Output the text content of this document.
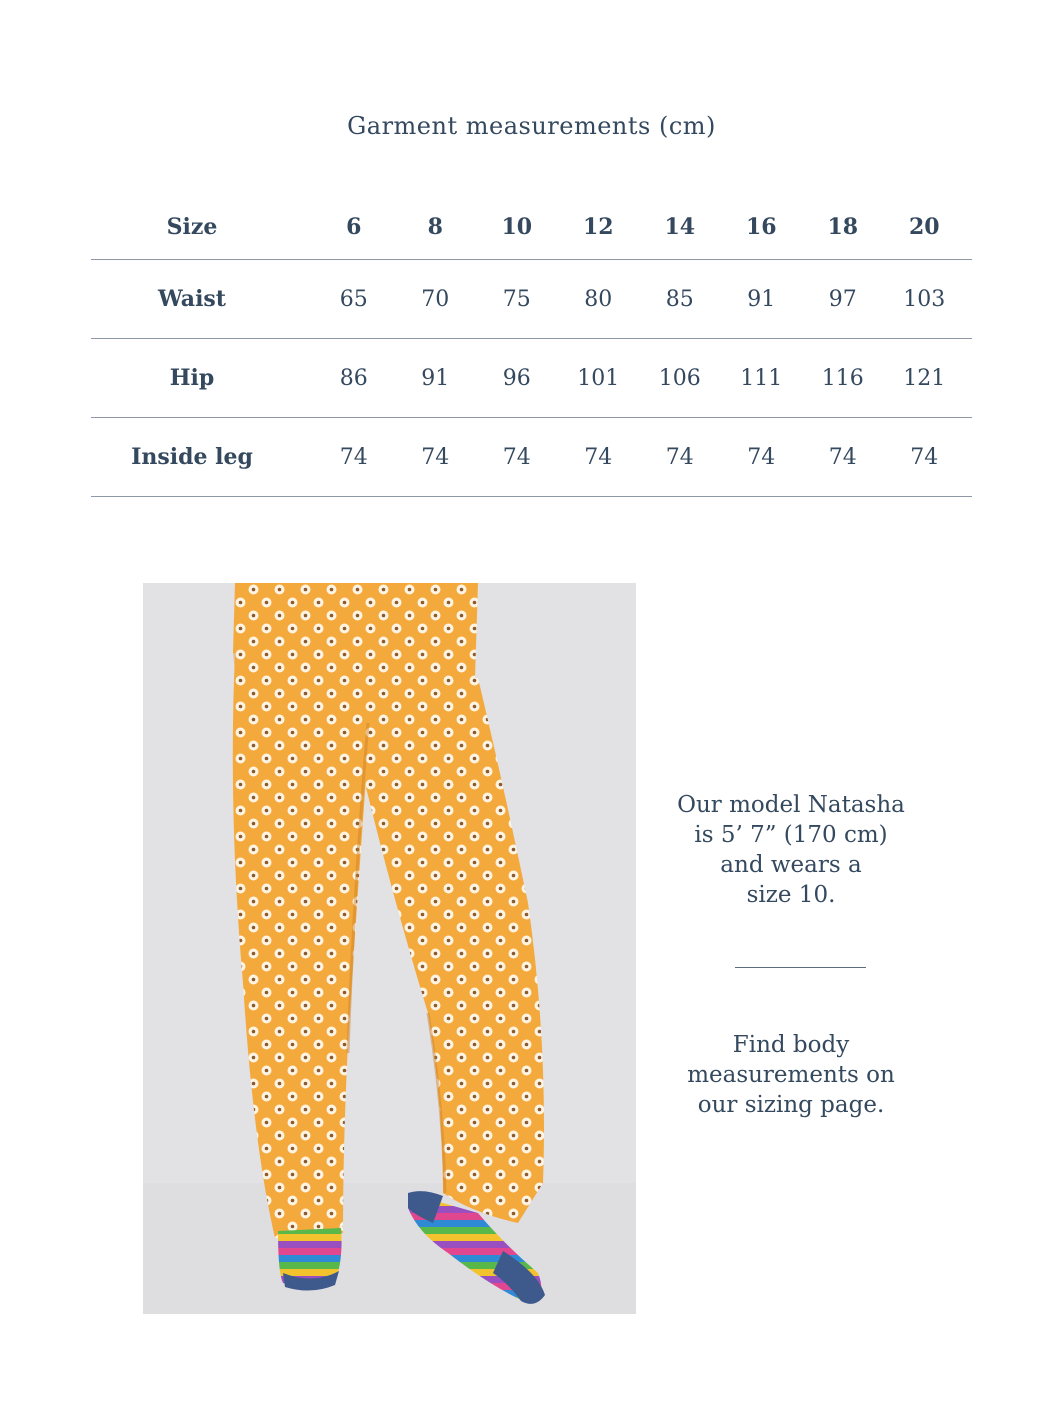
Garment measurements (cm)
Size	6	8	10	12	14	16	18	20
Waist	65	70	75	80	85	91	97	103
Hip	86	91	96	101	106	111	116	121
Inside leg	74	74	74	74	74	74	74	74
Our model Natasha
is 5’ 7” (170 cm)
and wears a
size 10.
Find body
measurements on
our sizing page.
